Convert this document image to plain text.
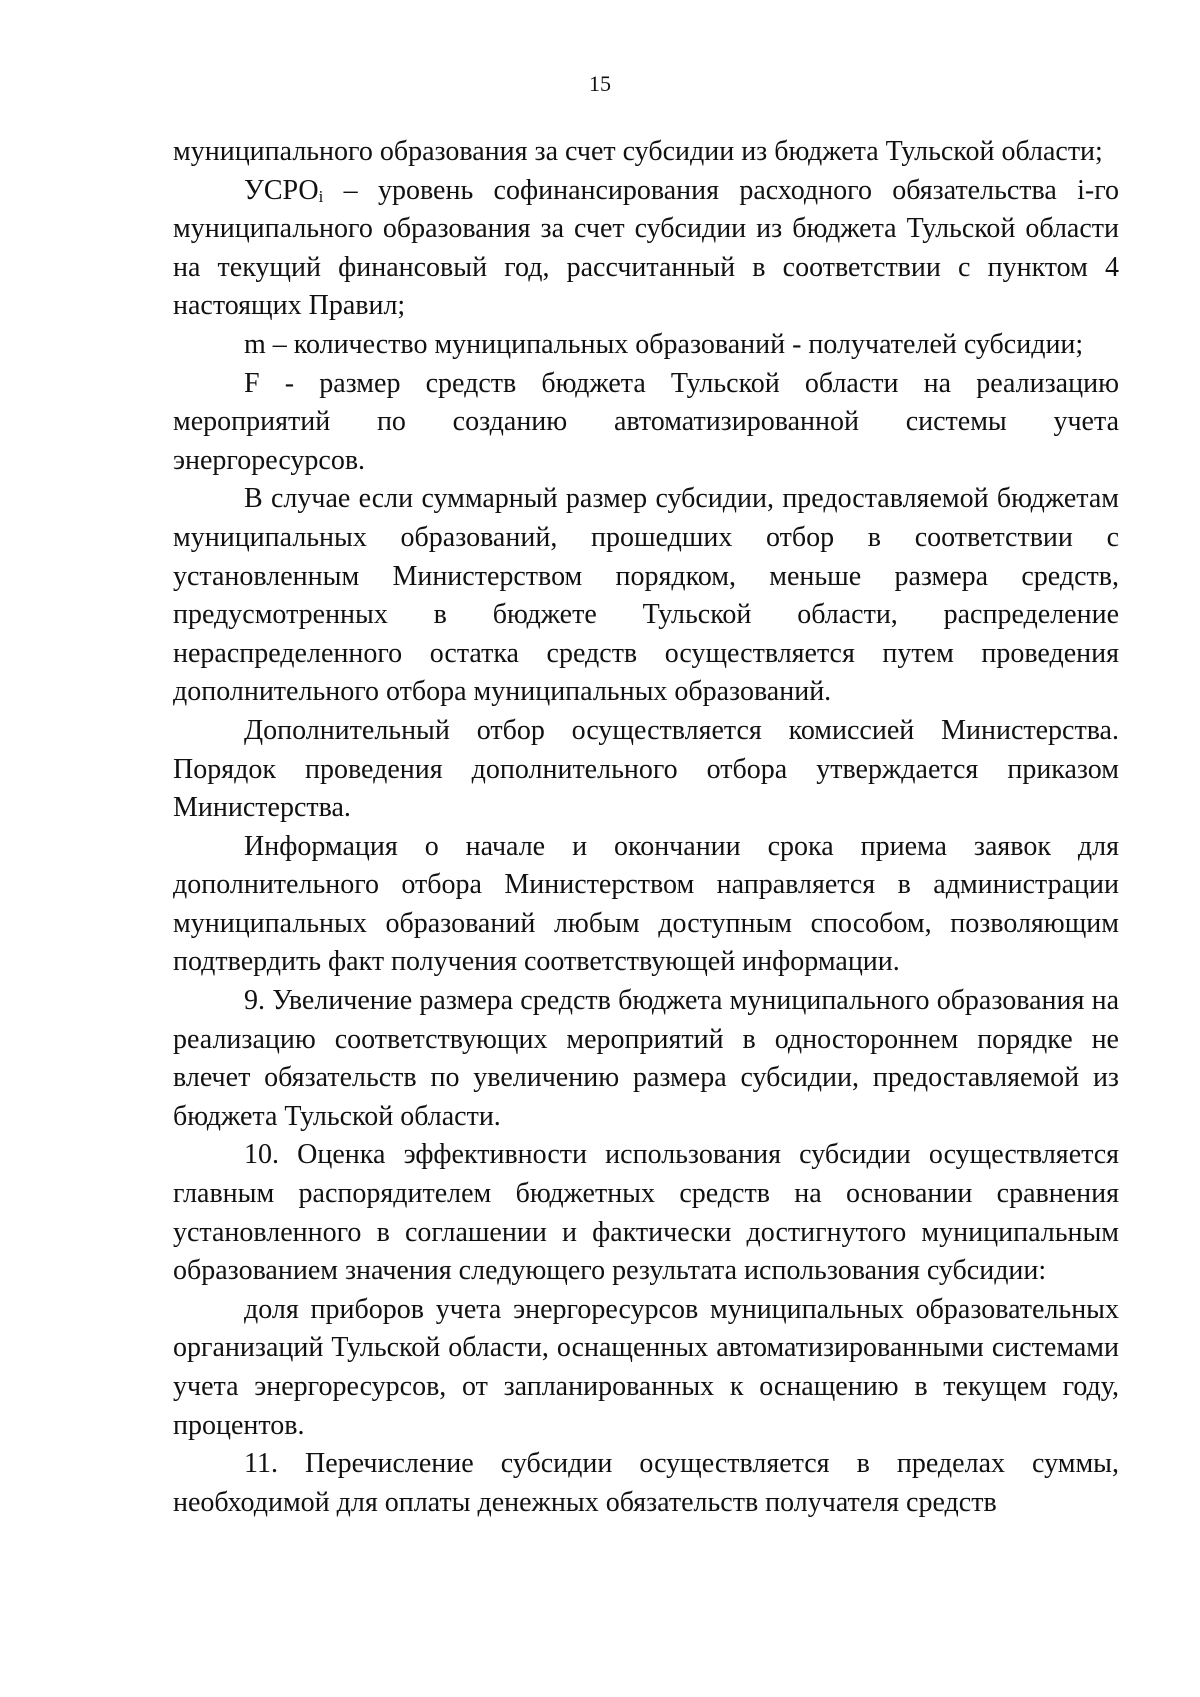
15

муниципального образования за счет субсидии из бюджета Тульской области;

УСРОi – уровень софинансирования расходного обязательства i-го муниципального образования за счет субсидии из бюджета Тульской области на текущий финансовый год, рассчитанный в соответствии с пунктом 4 настоящих Правил;

m – количество муниципальных образований - получателей субсидии;

F - размер средств бюджета Тульской области на реализацию мероприятий по созданию автоматизированной системы учета энергоресурсов.

В случае если суммарный размер субсидии, предоставляемой бюджетам муниципальных образований, прошедших отбор в соответствии с установленным Министерством порядком, меньше размера средств, предусмотренных в бюджете Тульской области, распределение нераспределенного остатка средств осуществляется путем проведения дополнительного отбора муниципальных образований.

Дополнительный отбор осуществляется комиссией Министерства. Порядок проведения дополнительного отбора утверждается приказом Министерства.

Информация о начале и окончании срока приема заявок для дополнительного отбора Министерством направляется в администрации муниципальных образований любым доступным способом, позволяющим подтвердить факт получения соответствующей информации.

9. Увеличение размера средств бюджета муниципального образования на реализацию соответствующих мероприятий в одностороннем порядке не влечет обязательств по увеличению размера субсидии, предоставляемой из бюджета Тульской области.

10. Оценка эффективности использования субсидии осуществляется главным распорядителем бюджетных средств на основании сравнения установленного в соглашении и фактически достигнутого муниципальным образованием значения следующего результата использования субсидии:

доля приборов учета энергоресурсов муниципальных образовательных организаций Тульской области, оснащенных автоматизированными системами учета энергоресурсов, от запланированных к оснащению в текущем году, процентов.

11. Перечисление субсидии осуществляется в пределах суммы, необходимой для оплаты денежных обязательств получателя средств
